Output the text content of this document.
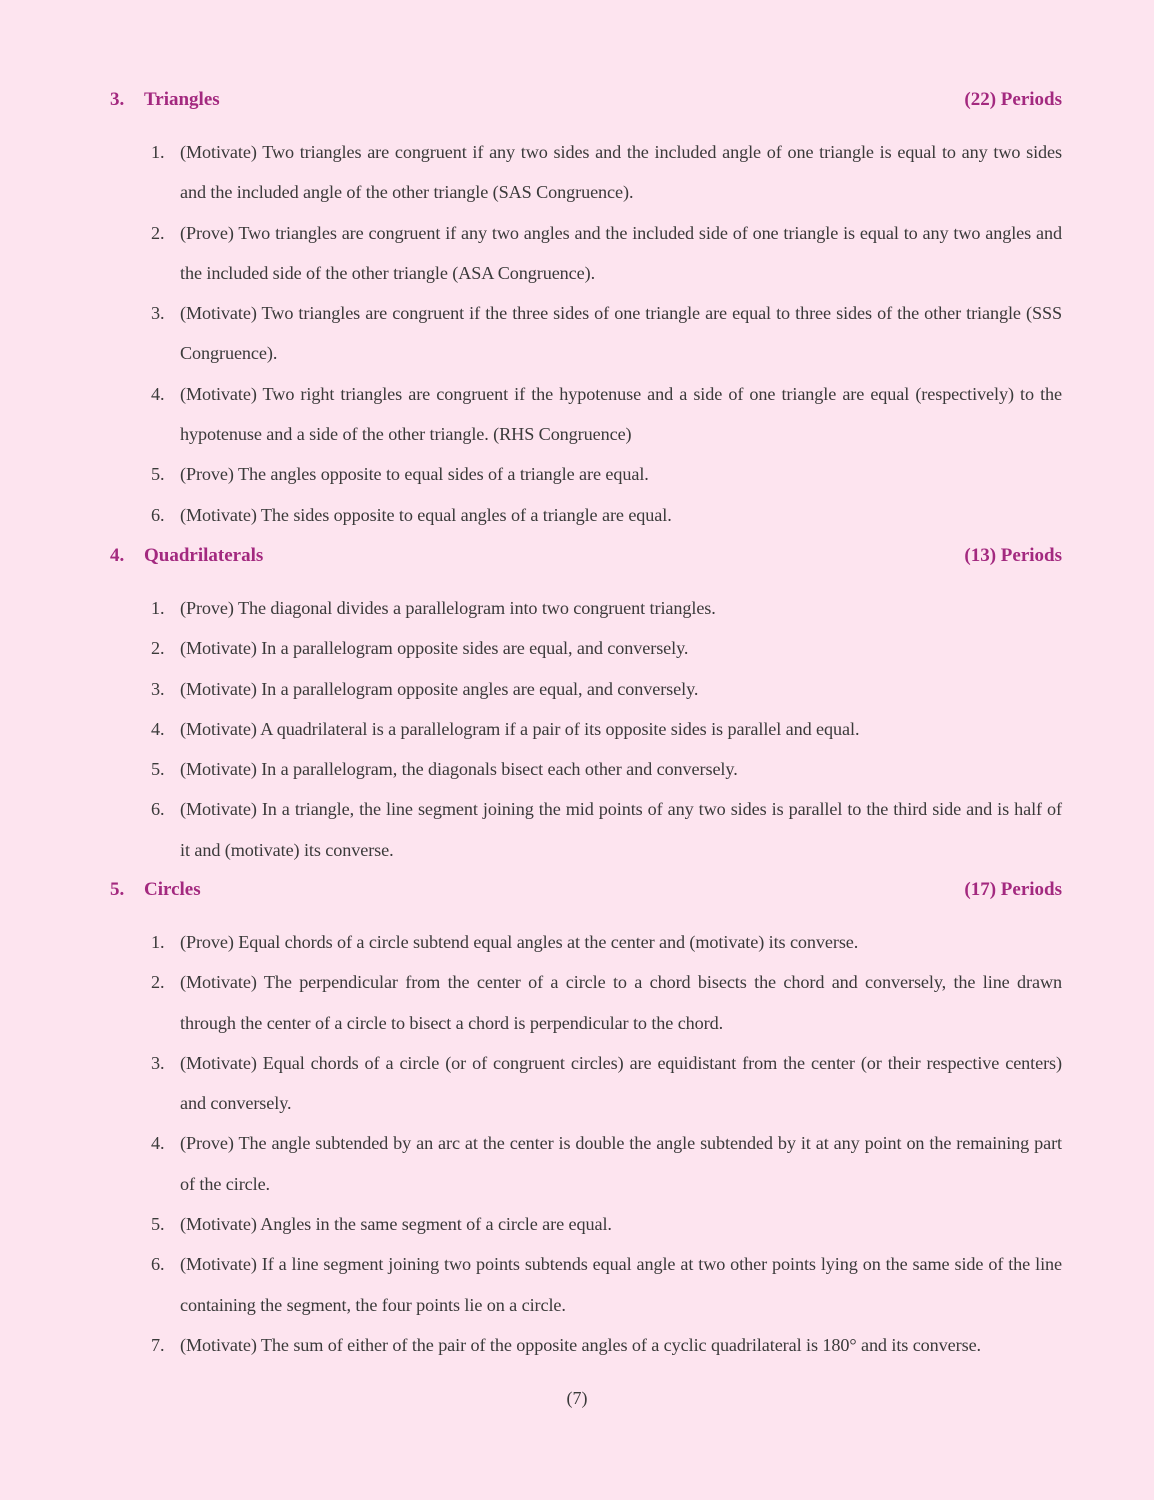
3.	Triangles	(22) Periods
1. (Motivate) Two triangles are congruent if any two sides and the included angle of one triangle is equal to any two sides and the included angle of the other triangle (SAS Congruence).
2. (Prove) Two triangles are congruent if any two angles and the included side of one triangle is equal to any two angles and the included side of the other triangle (ASA Congruence).
3. (Motivate) Two triangles are congruent if the three sides of one triangle are equal to three sides of the other triangle (SSS Congruence).
4. (Motivate) Two right triangles are congruent if the hypotenuse and a side of one triangle are equal (respectively) to the hypotenuse and a side of the other triangle. (RHS Congruence)
5. (Prove) The angles opposite to equal sides of a triangle are equal.
6. (Motivate) The sides opposite to equal angles of a triangle are equal.
4.	Quadrilaterals	(13) Periods
1. (Prove) The diagonal divides a parallelogram into two congruent triangles.
2. (Motivate) In a parallelogram opposite sides are equal, and conversely.
3. (Motivate) In a parallelogram opposite angles are equal, and conversely.
4. (Motivate) A quadrilateral is a parallelogram if a pair of its opposite sides is parallel and equal.
5. (Motivate) In a parallelogram, the diagonals bisect each other and conversely.
6. (Motivate) In a triangle, the line segment joining the mid points of any two sides is parallel to the third side and is half of it and (motivate) its converse.
5.	Circles	(17) Periods
1. (Prove) Equal chords of a circle subtend equal angles at the center and (motivate) its converse.
2. (Motivate) The perpendicular from the center of a circle to a chord bisects the chord and conversely, the line drawn through the center of a circle to bisect a chord is perpendicular to the chord.
3. (Motivate) Equal chords of a circle (or of congruent circles) are equidistant from the center (or their respective centers) and conversely.
4. (Prove) The angle subtended by an arc at the center is double the angle subtended by it at any point on the remaining part of the circle.
5. (Motivate) Angles in the same segment of a circle are equal.
6. (Motivate) If a line segment joining two points subtends equal angle at two other points lying on the same side of the line containing the segment, the four points lie on a circle.
7. (Motivate) The sum of either of the pair of the opposite angles of a cyclic quadrilateral is 180° and its converse.
(7)
